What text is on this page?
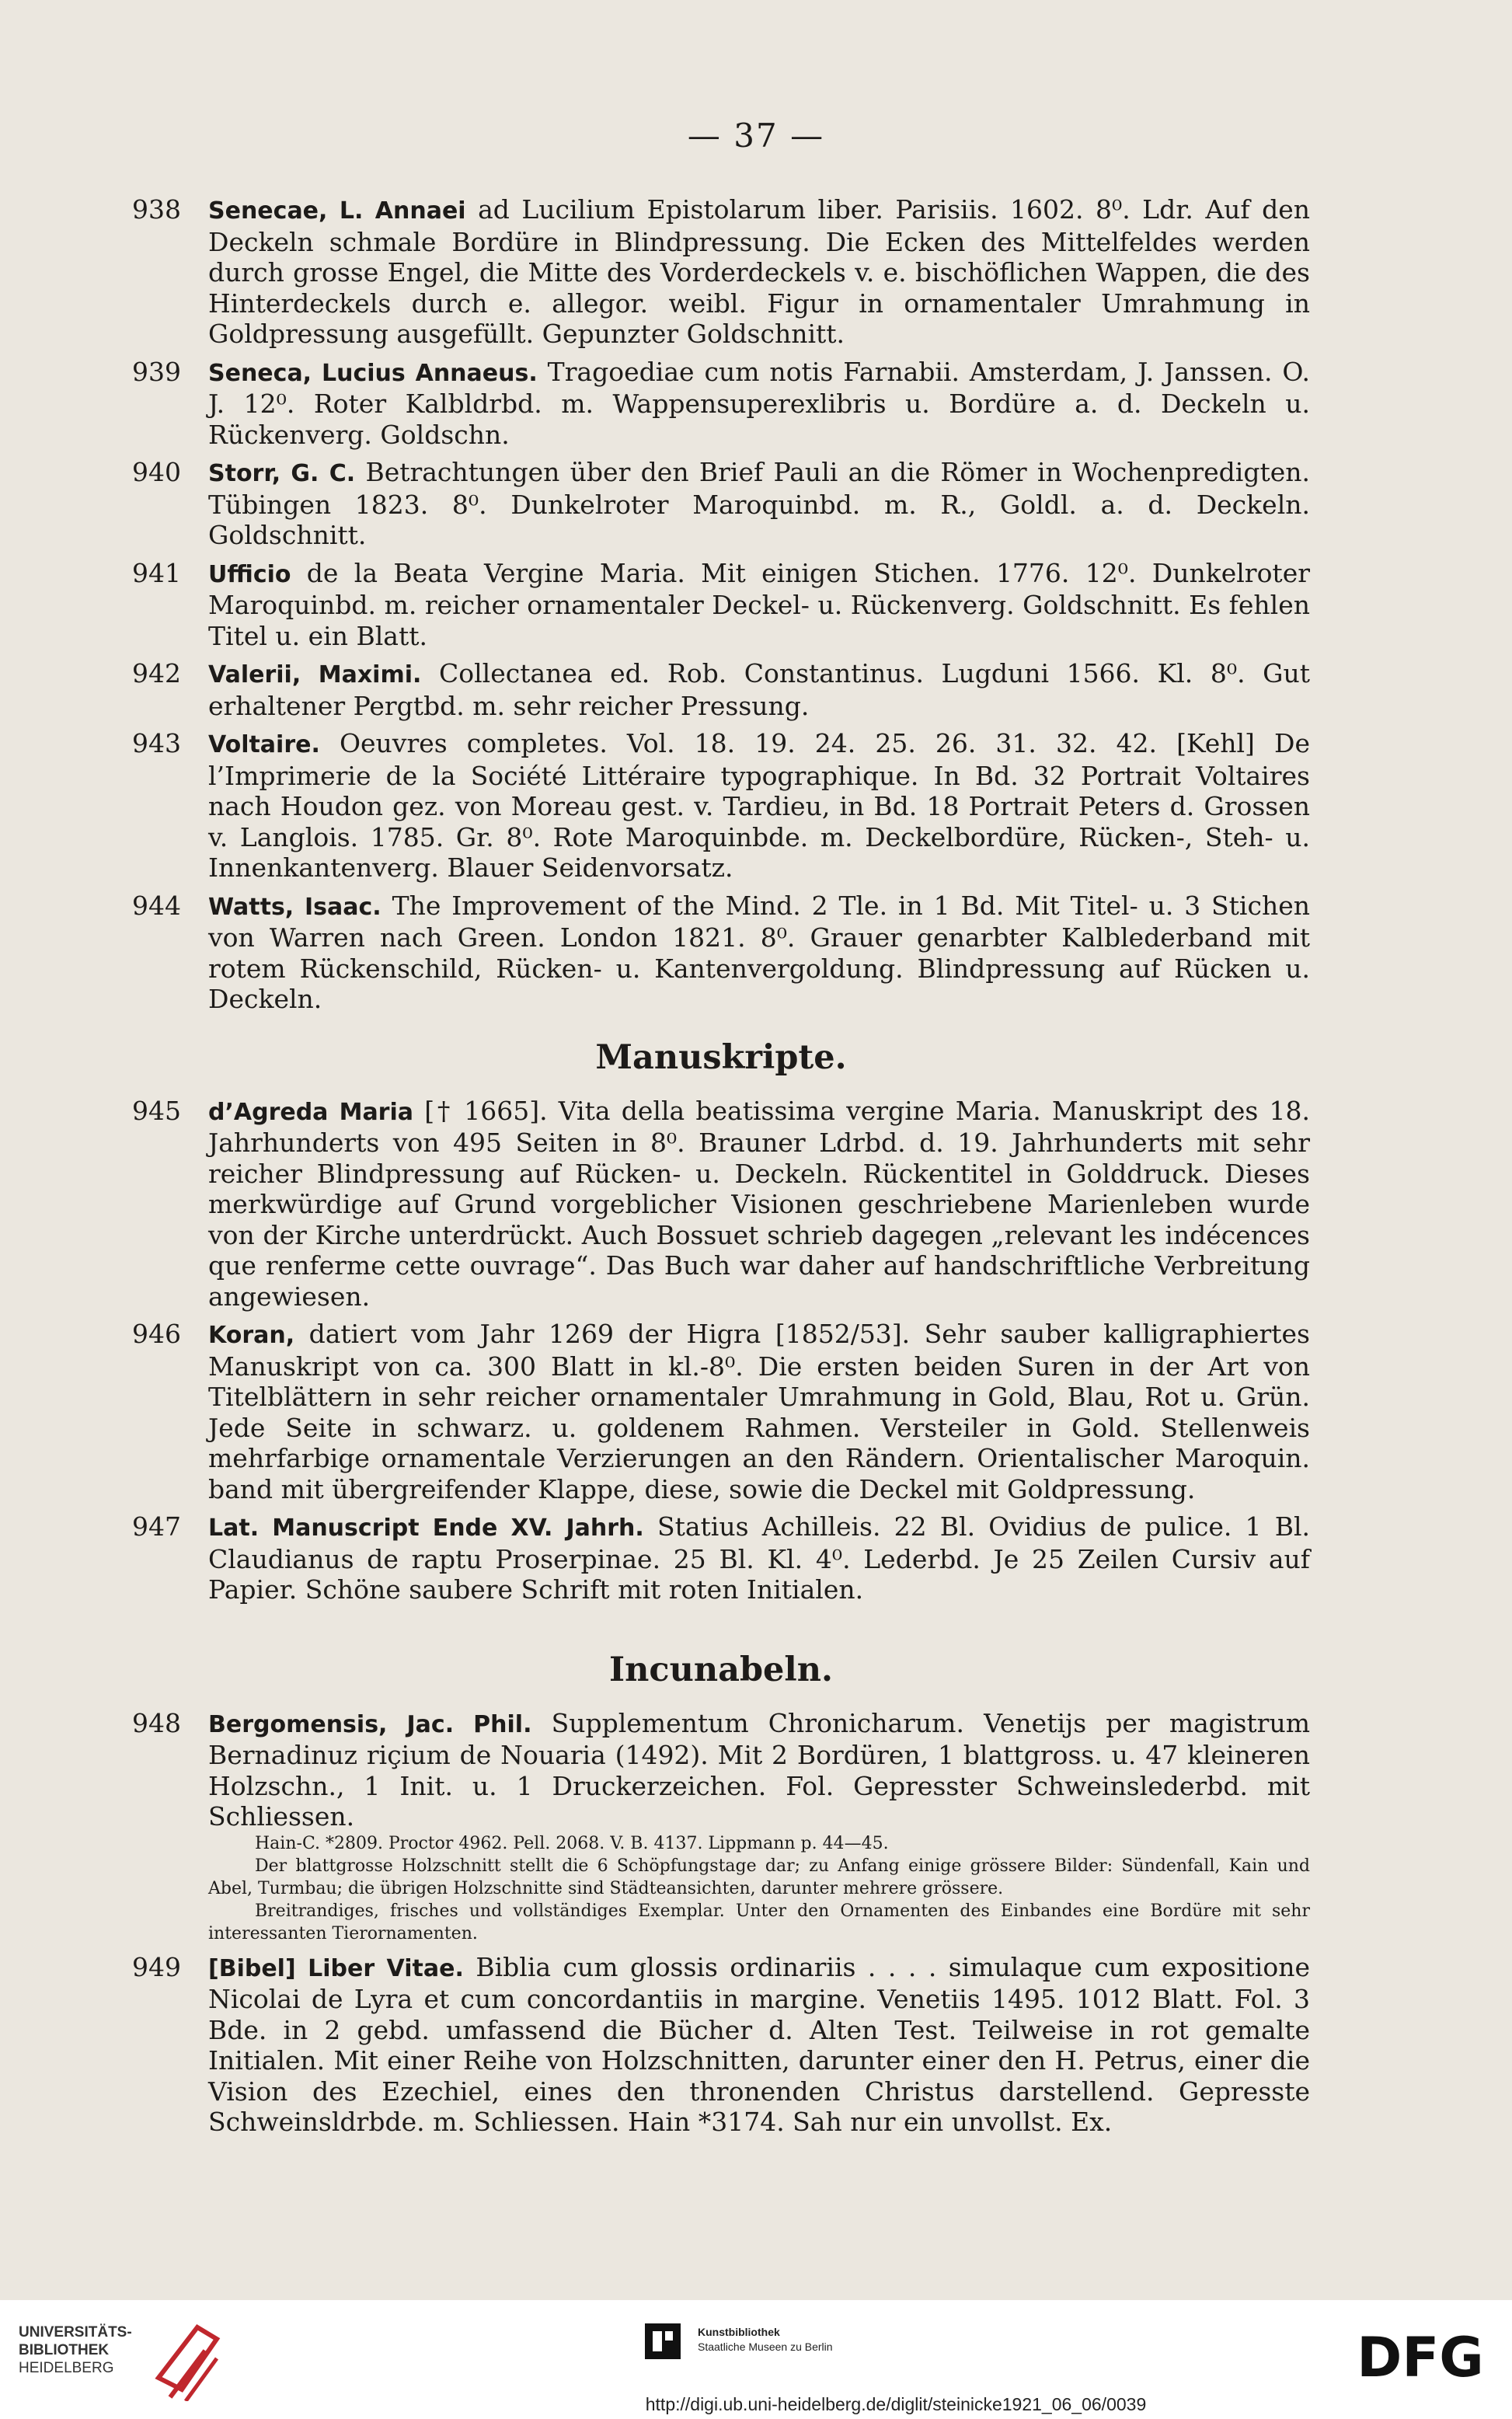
— 37 —
938	Senecae, L. Annaei ad Lucilium Epistolarum liber. Parisiis. 1602. 8⁰. Ldr. Auf den Deckeln schmale Bordüre in Blindpressung. Die Ecken des Mittelfeldes werden durch grosse Engel, die Mitte des Vorderdeckels v. e. bischöflichen Wappen, die des Hinterdeckels durch e. allegor. weibl. Figur in ornamentaler Umrahmung in Goldpressung ausgefüllt. Gepunzter Goldschnitt.
939	Seneca, Lucius Annaeus. Tragoediae cum notis Farnabii. Amsterdam, J. Janssen. O. J. 12⁰. Roter Kalbldrbd. m. Wappensuperexlibris u. Bordüre a. d. Deckeln u. Rückenverg. Goldschn.
940	Storr, G. C. Betrachtungen über den Brief Pauli an die Römer in Wochenpredigten. Tübingen 1823. 8⁰. Dunkelroter Maroquinbd. m. R., Goldl. a. d. Deckeln. Goldschnitt.
941	Ufficio de la Beata Vergine Maria. Mit einigen Stichen. 1776. 12⁰. Dunkelroter Maroquinbd. m. reicher ornamentaler Deckel- u. Rückenverg. Goldschnitt. Es fehlen Titel u. ein Blatt.
942	Valerii, Maximi. Collectanea ed. Rob. Constantinus. Lugduni 1566. Kl. 8⁰. Gut erhaltener Pergtbd. m. sehr reicher Pressung.
943	Voltaire. Oeuvres completes. Vol. 18. 19. 24. 25. 26. 31. 32. 42. [Kehl] De l’Imprimerie de la Société Littéraire typographique. In Bd. 32 Portrait Voltaires nach Houdon gez. von Moreau gest. v. Tardieu, in Bd. 18 Portrait Peters d. Grossen v. Langlois. 1785. Gr. 8⁰. Rote Maroquinbde. m. Deckelbordüre, Rücken-, Steh- u. Innenkantenverg. Blauer Seidenvorsatz.
944	Watts, Isaac. The Improvement of the Mind. 2 Tle. in 1 Bd. Mit Titel- u. 3 Stichen von Warren nach Green. London 1821. 8⁰. Grauer genarbter Kalblederband mit rotem Rückenschild, Rücken- u. Kantenvergoldung. Blindpressung auf Rücken u. Deckeln.
Manuskripte.
945	d’Agreda Maria [† 1665]. Vita della beatissima vergine Maria. Manuskript des 18. Jahrhunderts von 495 Seiten in 8⁰. Brauner Ldrbd. d. 19. Jahrhunderts mit sehr reicher Blindpressung auf Rücken- u. Deckeln. Rückentitel in Golddruck. Dieses merkwürdige auf Grund vorgeblicher Visionen geschriebene Marienleben wurde von der Kirche unterdrückt. Auch Bossuet schrieb dagegen „relevant les indécences que renferme cette ouvrage“. Das Buch war daher auf handschriftliche Verbreitung angewiesen.
946	Koran, datiert vom Jahr 1269 der Higra [1852/53]. Sehr sauber kalligraphiertes Manuskript von ca. 300 Blatt in kl.-8⁰. Die ersten beiden Suren in der Art von Titelblättern in sehr reicher ornamentaler Umrahmung in Gold, Blau, Rot u. Grün. Jede Seite in schwarz. u. goldenem Rahmen. Versteiler in Gold. Stellenweis mehrfarbige ornamentale Verzierungen an den Rändern. Orientalischer Maroquin. band mit übergreifender Klappe, diese, sowie die Deckel mit Goldpressung.
947	Lat. Manuscript Ende XV. Jahrh. Statius Achilleis. 22 Bl. Ovidius de pulice. 1 Bl. Claudianus de raptu Proserpinae. 25 Bl. Kl. 4⁰. Lederbd. Je 25 Zeilen Cursiv auf Papier. Schöne saubere Schrift mit roten Initialen.
Incunabeln.
948	Bergomensis, Jac. Phil. Supplementum Chronicharum. Venetijs per magistrum Bernadinuz riçium de Nouaria (1492). Mit 2 Bordüren, 1 blattgross. u. 47 kleineren Holzschn., 1 Init. u. 1 Druckerzeichen. Fol. Gepresster Schweinslederbd. mit Schliessen.
Hain-C. *2809. Proctor 4962. Pell. 2068. V. B. 4137. Lippmann p. 44—45.
Der blattgrosse Holzschnitt stellt die 6 Schöpfungstage dar; zu Anfang einige grössere Bilder: Sündenfall, Kain und Abel, Turmbau; die übrigen Holzschnitte sind Städteansichten, darunter mehrere grössere.
Breitrandiges, frisches und vollständiges Exemplar. Unter den Ornamenten des Einbandes eine Bordüre mit sehr interessanten Tierornamenten.
949	[Bibel] Liber Vitae. Biblia cum glossis ordinariis . . . . simulaque cum expositione Nicolai de Lyra et cum concordantiis in margine. Venetiis 1495. 1012 Blatt. Fol. 3 Bde. in 2 gebd. umfassend die Bücher d. Alten Test. Teilweise in rot gemalte Initialen. Mit einer Reihe von Holzschnitten, darunter einer den H. Petrus, einer die Vision des Ezechiel, eines den thronenden Christus darstellend. Gepresste Schweinsldrbde. m. Schliessen. Hain *3174. Sah nur ein unvollst. Ex.
UNIVERSITÄTS-
BIBLIOTHEK
HEIDELBERG
Kunstbibliothek
Staatliche Museen zu Berlin	DFG
http://digi.ub.uni-heidelberg.de/diglit/steinicke1921_06_06/0039
